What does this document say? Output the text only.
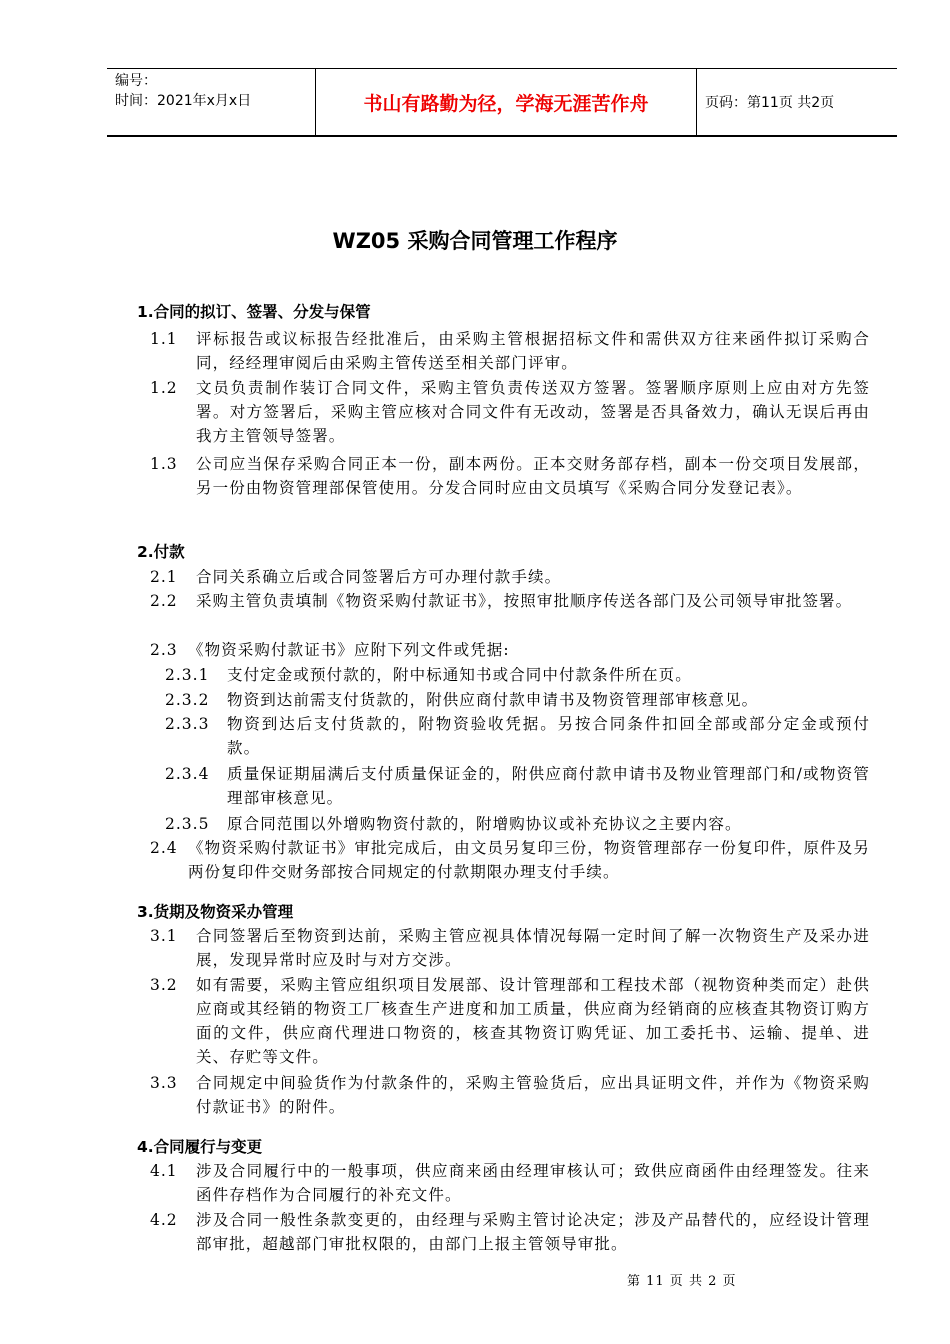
编号：
时间：2021年x月x日	书山有路勤为径，学海无涯苦作舟	页码：第11页 共2页
WZ05 采购合同管理工作程序
1.合同的拟订、签署、分发与保管
1.1 评标报告或议标报告经批准后，由采购主管根据招标文件和需供双方往来函件拟订采购合同，经经理审阅后由采购主管传送至相关部门评审。
1.2 文员负责制作装订合同文件，采购主管负责传送双方签署。签署顺序原则上应由对方先签署。对方签署后，采购主管应核对合同文件有无改动，签署是否具备效力，确认无误后再由我方主管领导签署。
1.3 公司应当保存采购合同正本一份，副本两份。正本交财务部存档，副本一份交项目发展部，另一份由物资管理部保管使用。分发合同时应由文员填写《采购合同分发登记表》。
2.付款
2.1 合同关系确立后或合同签署后方可办理付款手续。
2.2 采购主管负责填制《物资采购付款证书》，按照审批顺序传送各部门及公司领导审批签署。
2.3 《物资采购付款证书》应附下列文件或凭据:
2.3.1 支付定金或预付款的，附中标通知书或合同中付款条件所在页。
2.3.2 物资到达前需支付货款的，附供应商付款申请书及物资管理部审核意见。
2.3.3 物资到达后支付货款的，附物资验收凭据。另按合同条件扣回全部或部分定金或预付款。
2.3.4 质量保证期届满后支付质量保证金的，附供应商付款申请书及物业管理部门和/或物资管理部审核意见。
2.3.5 原合同范围以外增购物资付款的，附增购协议或补充协议之主要内容。
2.4 《物资采购付款证书》审批完成后，由文员另复印三份，物资管理部存一份复印件，原件及另两份复印件交财务部按合同规定的付款期限办理支付手续。
3.货期及物资采办管理
3.1 合同签署后至物资到达前，采购主管应视具体情况每隔一定时间了解一次物资生产及采办进展，发现异常时应及时与对方交涉。
3.2 如有需要，采购主管应组织项目发展部、设计管理部和工程技术部（视物资种类而定）赴供应商或其经销的物资工厂核查生产进度和加工质量，供应商为经销商的应核查其物资订购方面的文件，供应商代理进口物资的，核查其物资订购凭证、加工委托书、运输、提单、进关、存贮等文件。
3.3 合同规定中间验货作为付款条件的，采购主管验货后，应出具证明文件，并作为《物资采购付款证书》的附件。
4.合同履行与变更
4.1 涉及合同履行中的一般事项，供应商来函由经理审核认可；致供应商函件由经理签发。往来函件存档作为合同履行的补充文件。
4.2 涉及合同一般性条款变更的，由经理与采购主管讨论决定；涉及产品替代的，应经设计管理部审批，超越部门审批权限的，由部门上报主管领导审批。
第 11 页 共 2 页
